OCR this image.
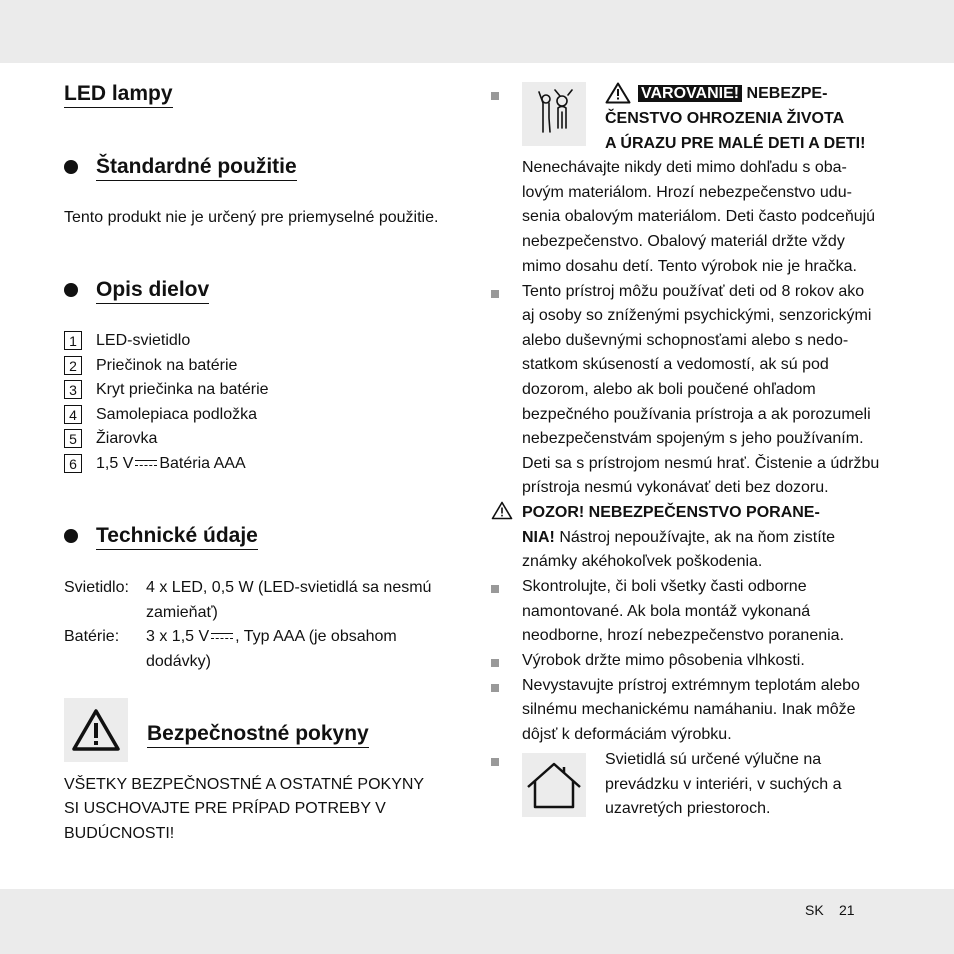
LED lampy
Štandardné použitie
Tento produkt nie je určený pre priemyselné použitie.
Opis dielov
1	LED-svietidlo
2	Priečinok na batérie
3	Kryt priečinka na batérie
4	Samolepiaca podložka
5	Žiarovka
6	1,5 V Batéria AAA
Technické údaje
Svietidlo: 4 x LED, 0,5 W (LED-svietidlá sa nesmú
zamieňať)
Batérie: 3 x 1,5 V , Typ AAA (je obsahom
dodávky)
Bezpečnostné pokyny
VŠETKY BEZPEČNOSTNÉ A OSTATNÉ POKYNY
SI USCHOVAJTE PRE PRÍPAD POTREBY V
BUDÚCNOSTI!
VAROVANIE! NEBEZPE-
ČENSTVO OHROZENIA ŽIVOTA
A ÚRAZU PRE MALÉ DETI A DETI!
Nenechávajte nikdy deti mimo dohľadu s oba-
lovým materiálom. Hrozí nebezpečenstvo udu-
senia obalovým materiálom. Deti často podceňujú
nebezpečenstvo. Obalový materiál držte vždy
mimo dosahu detí. Tento výrobok nie je hračka.
Tento prístroj môžu používať deti od 8 rokov ako
aj osoby so zníženými psychickými, senzorickými
alebo duševnými schopnosťami alebo s nedo-
statkom skúseností a vedomostí, ak sú pod
dozorom, alebo ak boli poučené ohľadom
bezpečného používania prístroja a ak porozumeli
nebezpečenstvám spojeným s jeho používaním.
Deti sa s prístrojom nesmú hrať. Čistenie a údržbu
prístroja nesmú vykonávať deti bez dozoru.
POZOR! NEBEZPEČENSTVO PORANE-
NIA! Nástroj nepoužívajte, ak na ňom zistíte
známky akéhokoľvek poškodenia.
Skontrolujte, či boli všetky časti odborne
namontované. Ak bola montáž vykonaná
neodborne, hrozí nebezpečenstvo poranenia.
Výrobok držte mimo pôsobenia vlhkosti.
Nevystavujte prístroj extrémnym teplotám alebo
silnému mechanickému namáhaniu. Inak môže
dôjsť k deformáciám výrobku.
Svietidlá sú určené výlučne na
prevádzku v interiéri, v suchých a
uzavretých priestoroch.
SK 21
